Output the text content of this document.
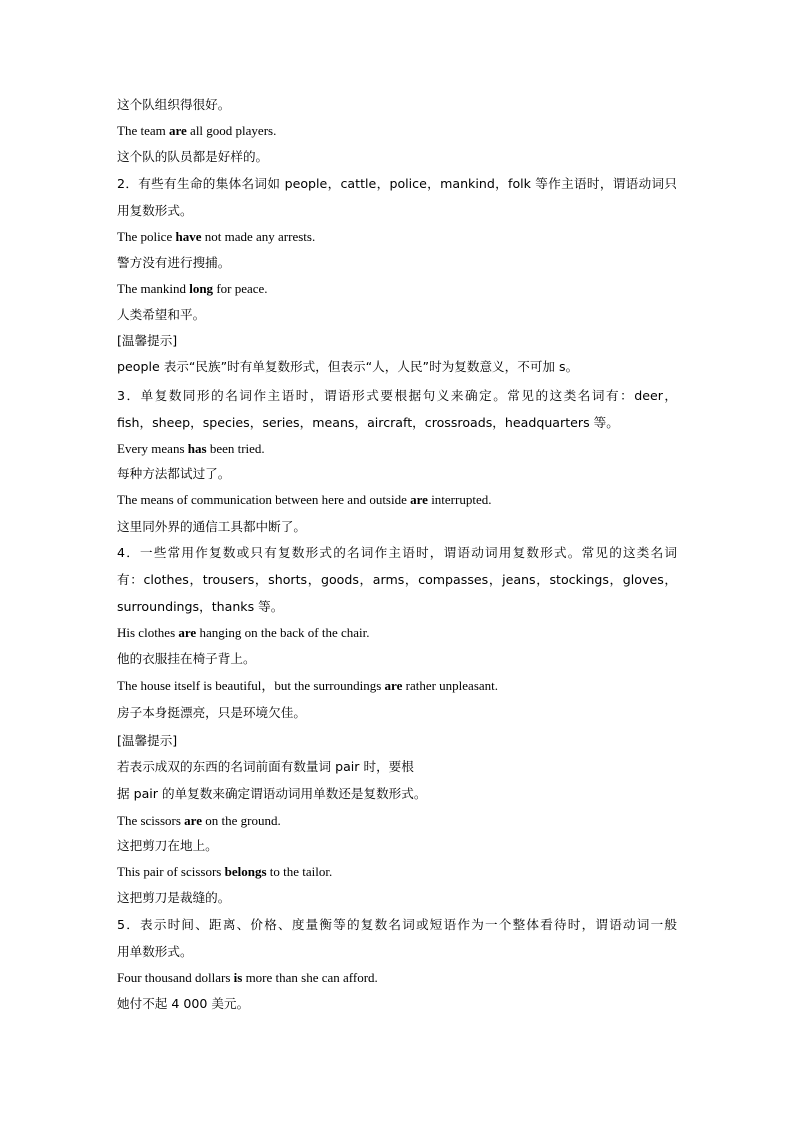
这个队组织得很好。
The team are all good players.
这个队的队员都是好样的。
2．有些有生命的集体名词如 people，cattle，police，mankind，folk 等作主语时，谓语动词只
用复数形式。
The police have not made any arrests.
警方没有进行搜捕。
The mankind long for peace.
人类希望和平。
[温馨提示]
people 表示“民族”时有单复数形式，但表示“人，人民”时为复数意义，不可加 s。
3．单复数同形的名词作主语时，谓语形式要根据句义来确定。常见的这类名词有：deer，
fish，sheep，species，series，means，aircraft，crossroads，headquarters 等。
Every means has been tried.
每种方法都试过了。
The means of communication between here and outside are interrupted.
这里同外界的通信工具都中断了。
4．一些常用作复数或只有复数形式的名词作主语时，谓语动词用复数形式。常见的这类名词
有：clothes，trousers，shorts，goods，arms，compasses，jeans，stockings，gloves，
surroundings，thanks 等。
His clothes are hanging on the back of the chair.
他的衣服挂在椅子背上。
The house itself is beautiful，but the surroundings are rather unpleasant.
房子本身挺漂亮，只是环境欠佳。
[温馨提示]
若表示成双的东西的名词前面有数量词 pair 时，要根
据 pair 的单复数来确定谓语动词用单数还是复数形式。
The scissors are on the ground.
这把剪刀在地上。
This pair of scissors belongs to the tailor.
这把剪刀是裁缝的。
5．表示时间、距离、价格、度量衡等的复数名词或短语作为一个整体看待时，谓语动词一般
用单数形式。
Four thousand dollars is more than she can afford.
她付不起 4 000 美元。
